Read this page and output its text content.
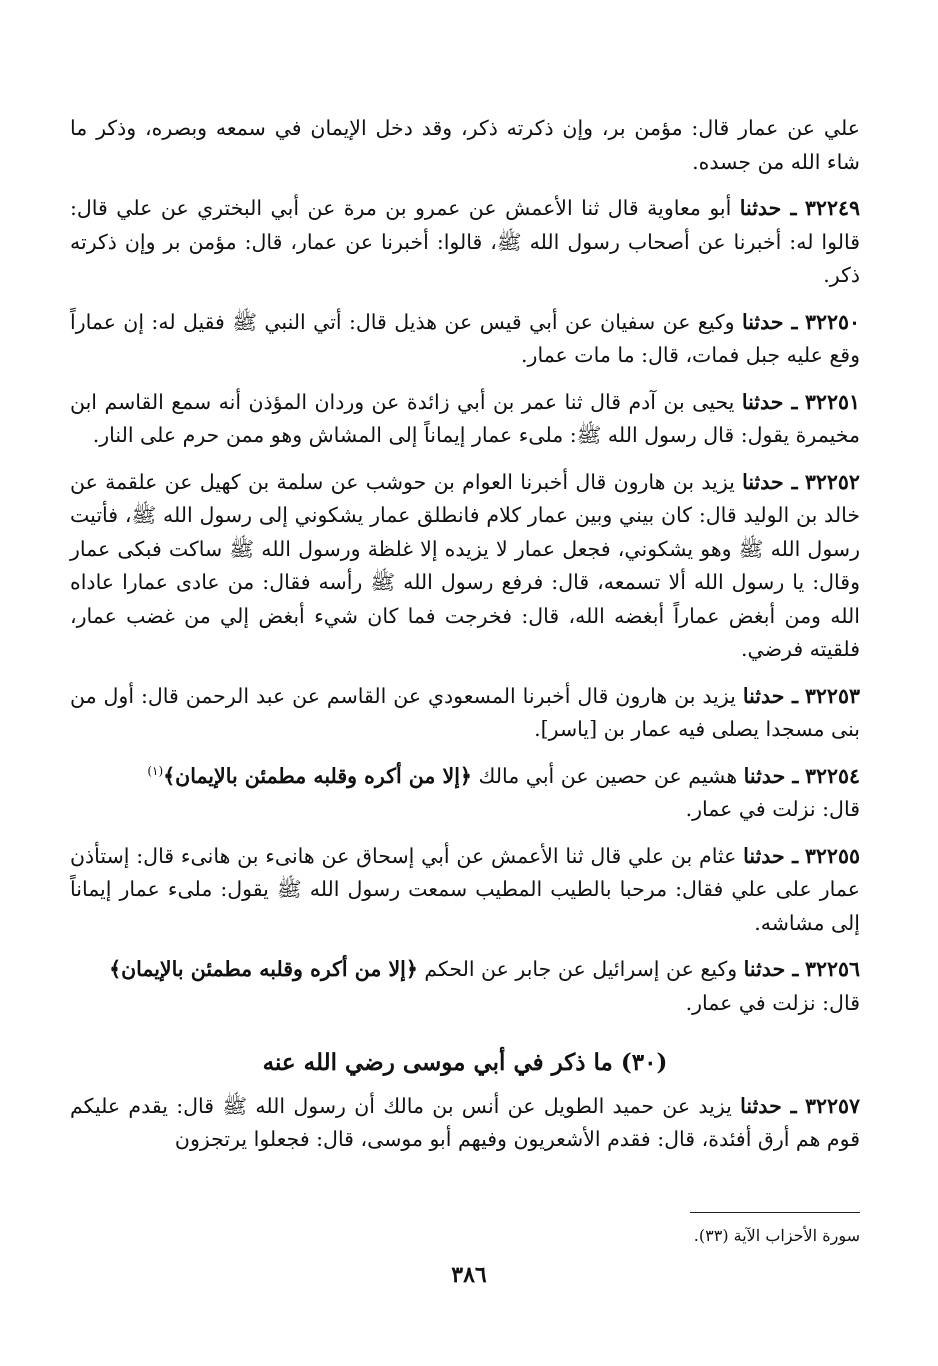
علي عن عمار قال: مؤمن بر، وإن ذكرته ذكر، وقد دخل الإيمان في سمعه وبصره، وذكر ما شاء الله من جسده.

٣٢٢٤٩ ـ حدثنا أبو معاوية قال ثنا الأعمش عن عمرو بن مرة عن أبي البختري عن علي قال: قالوا له: أخبرنا عن أصحاب رسول الله ﷺ، قالوا: أخبرنا عن عمار، قال: مؤمن بر وإن ذكرته ذكر.

٣٢٢٥٠ ـ حدثنا وكيع عن سفيان عن أبي قيس عن هذيل قال: أتي النبي ﷺ فقيل له: إن عماراً وقع عليه جبل فمات، قال: ما مات عمار.

٣٢٢٥١ ـ حدثنا يحيى بن آدم قال ثنا عمر بن أبي زائدة عن وردان المؤذن أنه سمع القاسم ابن مخيمرة يقول: قال رسول الله ﷺ: ملىء عمار إيماناً إلى المشاش وهو ممن حرم على النار.

٣٢٢٥٢ ـ حدثنا يزيد بن هارون قال أخبرنا العوام بن حوشب عن سلمة بن كهيل عن علقمة عن خالد بن الوليد قال: كان بيني وبين عمار كلام فانطلق عمار يشكوني إلى رسول الله ﷺ، فأتيت رسول الله ﷺ وهو يشكوني، فجعل عمار لا يزيده إلا غلظة ورسول الله ﷺ ساكت فبكى عمار وقال: يا رسول الله ألا تسمعه، قال: فرفع رسول الله ﷺ رأسه فقال: من عادى عمارا عاداه الله ومن أبغض عماراً أبغضه الله، قال: فخرجت فما كان شيء أبغض إلي من غضب عمار، فلقيته فرضي.

٣٢٢٥٣ ـ حدثنا يزيد بن هارون قال أخبرنا المسعودي عن القاسم عن عبد الرحمن قال: أول من بنى مسجدا يصلى فيه عمار بن [ياسر].

٣٢٢٥٤ ـ حدثنا هشيم عن حصين عن أبي مالك ﴿إلا من أكره وقلبه مطمئن بالإيمان﴾$^{(١)}$
قال: نزلت في عمار.

٣٢٢٥٥ ـ حدثنا عثام بن علي قال ثنا الأعمش عن أبي إسحاق عن هانىء بن هانىء قال: إستأذن عمار على علي فقال: مرحبا بالطيب المطيب سمعت رسول الله ﷺ يقول: ملىء عمار إيماناً إلى مشاشه.

٣٢٢٥٦ ـ حدثنا وكيع عن إسرائيل عن جابر عن الحكم ﴿إلا من أكره وقلبه مطمئن بالإيمان﴾
قال: نزلت في عمار.

(٣٠) ما ذكر في أبي موسى رضي الله عنه

٣٢٢٥٧ ـ حدثنا يزيد عن حميد الطويل عن أنس بن مالك أن رسول الله ﷺ قال: يقدم عليكم قوم هم أرق أفئدة، قال: فقدم الأشعريون وفيهم أبو موسى، قال: فجعلوا يرتجزون

سورة الأحزاب الآية (٣٣).
٣٨٦
